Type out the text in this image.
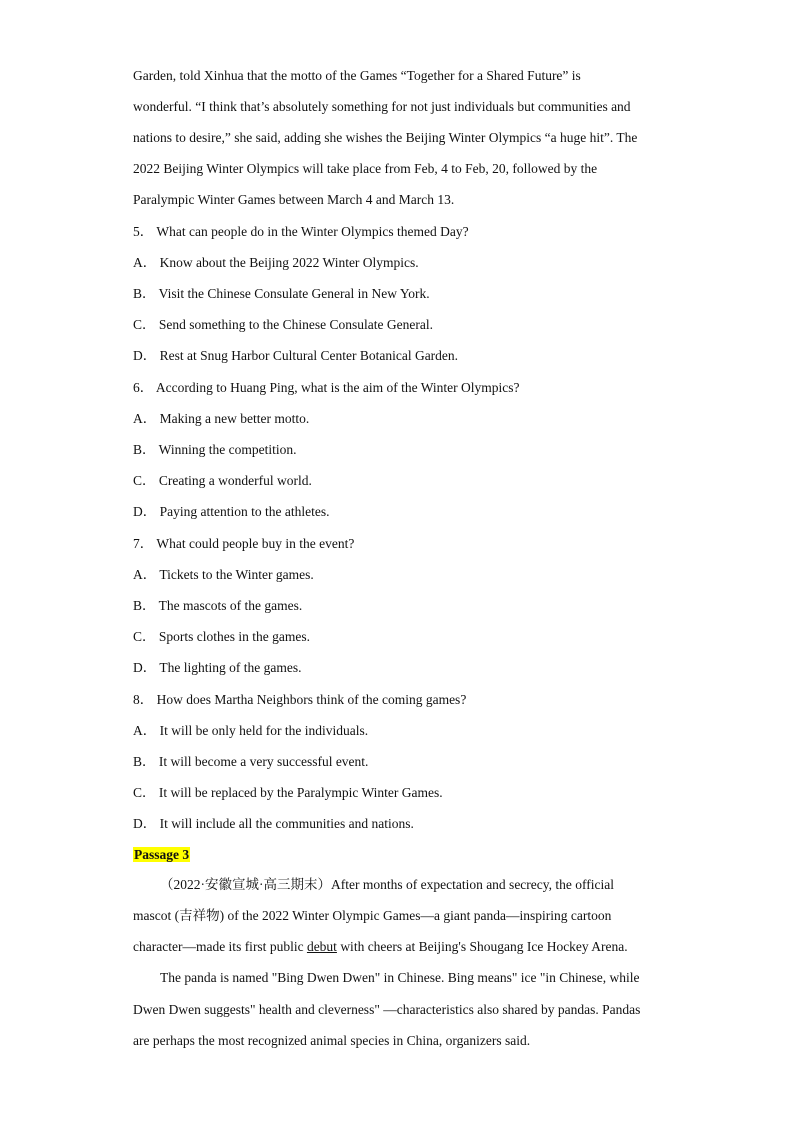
Garden, told Xinhua that the motto of the Games “Together for a Shared Future” is
wonderful. “I think that’s absolutely something for not just individuals but communities and
nations to desire,” she said, adding she wishes the Beijing Winter Olympics “a huge hit”. The
2022 Beijing Winter Olympics will take place from Feb, 4 to Feb, 20, followed by the
Paralympic Winter Games between March 4 and March 13.
5． What can people do in the Winter Olympics themed Day?
A． Know about the Beijing 2022 Winter Olympics.
B． Visit the Chinese Consulate General in New York.
C． Send something to the Chinese Consulate General.
D． Rest at Snug Harbor Cultural Center Botanical Garden.
6． According to Huang Ping, what is the aim of the Winter Olympics?
A． Making a new better motto.
B． Winning the competition.
C． Creating a wonderful world.
D． Paying attention to the athletes.
7． What could people buy in the event?
A． Tickets to the Winter games.
B． The mascots of the games.
C． Sports clothes in the games.
D． The lighting of the games.
8． How does Martha Neighbors think of the coming games?
A． It will be only held for the individuals.
B． It will become a very successful event.
C． It will be replaced by the Paralympic Winter Games.
D． It will include all the communities and nations.
Passage 3
（2022·安徽宣城·高三期末）After months of expectation and secrecy, the official
mascot (吉祥物) of the 2022 Winter Olympic Games—a giant panda—inspiring cartoon
character—made its first public debut with cheers at Beijing's Shougang Ice Hockey Arena.
The panda is named "Bing Dwen Dwen" in Chinese. Bing means" ice "in Chinese, while
Dwen Dwen suggests" health and cleverness" —characteristics also shared by pandas. Pandas
are perhaps the most recognized animal species in China, organizers said.
